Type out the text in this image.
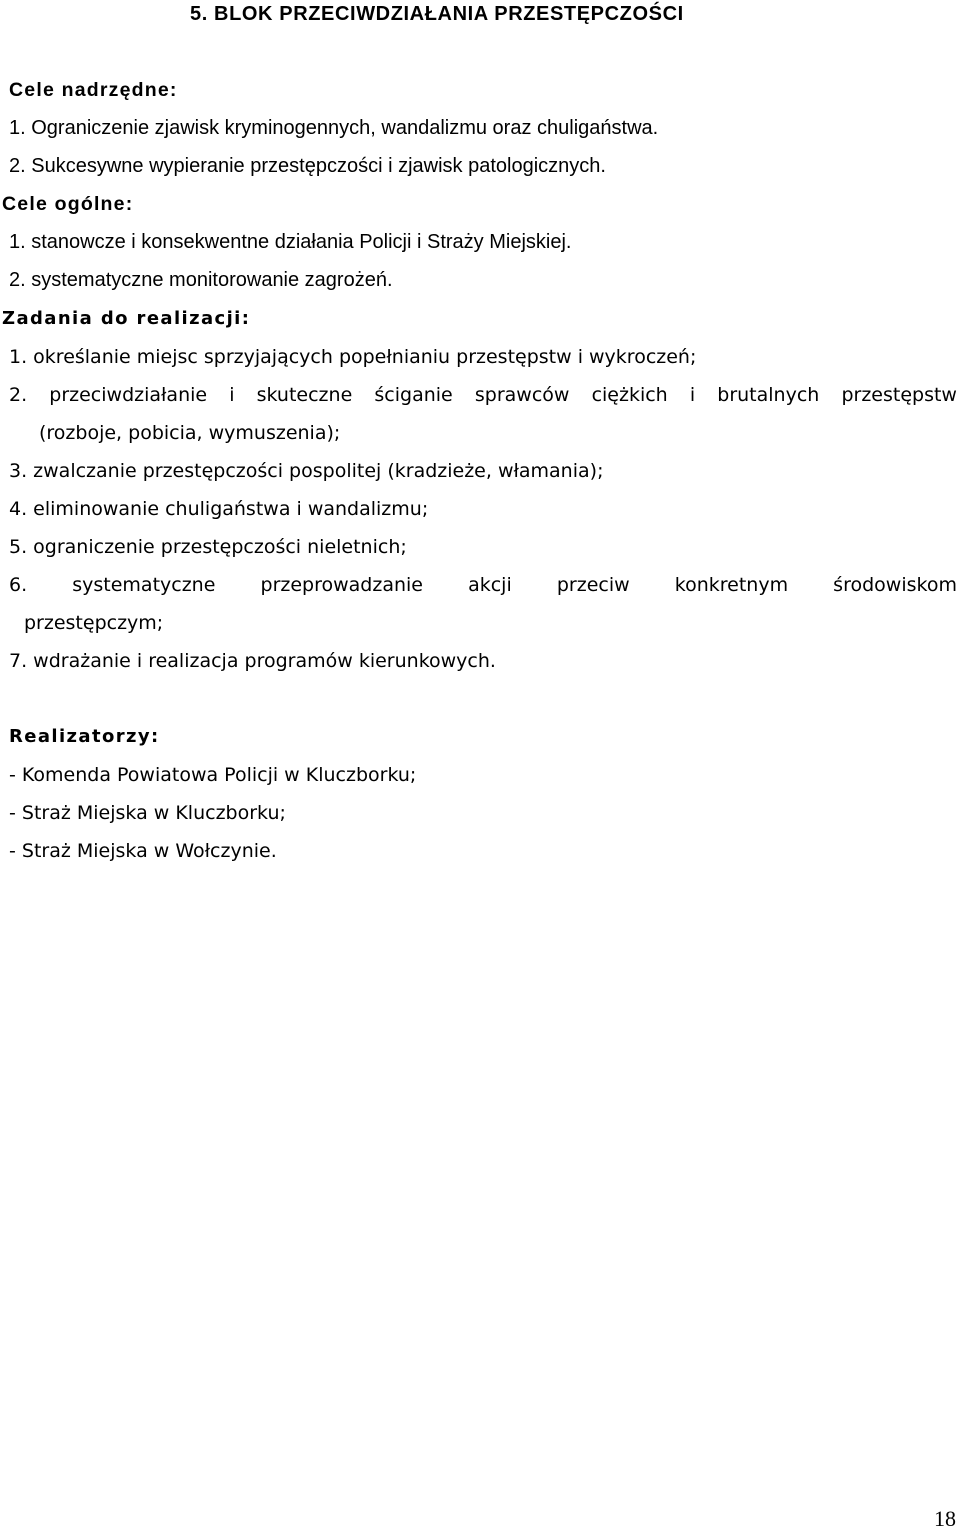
5. BLOK PRZECIWDZIAŁANIA PRZESTĘPCZOŚCI

Cele nadrzędne:

1. Ograniczenie zjawisk kryminogennych, wandalizmu oraz chuligaństwa.

2. Sukcesywne wypieranie przestępczości i zjawisk patologicznych.

Cele ogólne:

1. stanowcze i konsekwentne działania Policji i Straży Miejskiej.

2. systematyczne monitorowanie zagrożeń.

Zadania do realizacji:

1. określanie miejsc sprzyjających popełnianiu przestępstw i wykroczeń;

2. przeciwdziałanie i skuteczne ściganie sprawców ciężkich i brutalnych przestępstw

(rozboje, pobicia, wymuszenia);

3. zwalczanie przestępczości pospolitej (kradzieże, włamania);

4. eliminowanie chuligaństwa i wandalizmu;

5. ograniczenie przestępczości nieletnich;

6. systematyczne przeprowadzanie akcji przeciw konkretnym środowiskom

przestępczym;

7. wdrażanie i realizacja programów kierunkowych.

Realizatorzy:

- Komenda Powiatowa Policji w Kluczborku;

- Straż Miejska w Kluczborku;

- Straż Miejska w Wołczynie.

18
